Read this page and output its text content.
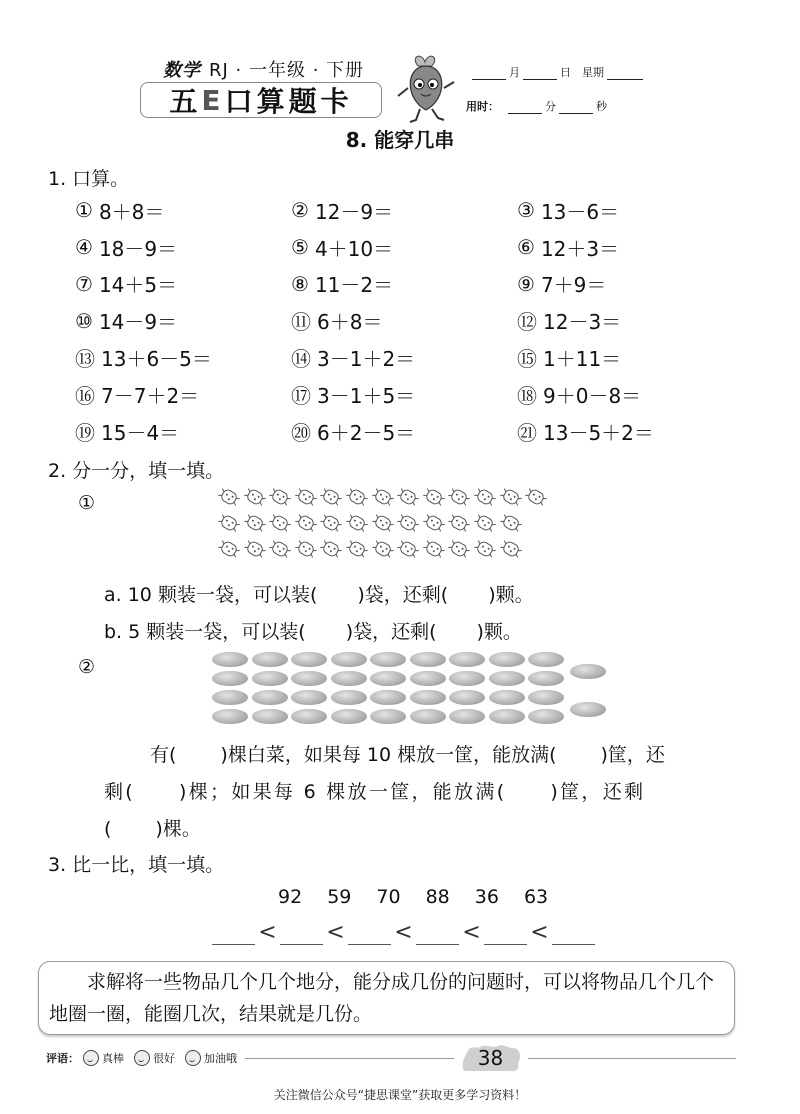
数学 RJ · 一年级 · 下册
五 E 口算题卡
月	日 星期
用时：	分	秒
8. 能穿几串
1. 口算。
① 8＋8＝	② 12－9＝	③ 13－6＝
④ 18－9＝	⑤ 4＋10＝	⑥ 12＋3＝
⑦ 14＋5＝	⑧ 11－2＝	⑨ 7＋9＝
⑩ 14－9＝	⑪ 6＋8＝	⑫ 12－3＝
⑬ 13＋6－5＝	⑭ 3－1＋2＝	⑮ 1＋11＝
⑯ 7－7＋2＝	⑰ 3－1＋5＝	⑱ 9＋0－8＝
⑲ 15－4＝	⑳ 6＋2－5＝	㉑ 13－5＋2＝
2. 分一分，填一填。
①
a. 10 颗装一袋，可以装( )袋，还剩( )颗。
b. 5 颗装一袋，可以装( )袋，还剩( )颗。
②
有( )棵白菜，如果每 10 棵放一筐，能放满( )筐，还
剩( )棵；如果每 6 棵放一筐，能放满( )筐，还剩
( )棵。
3. 比一比，填一填。
92 59 70 88 36 63
< < < < <
求解将一些物品几个几个地分，能分成几份的问题时，可以将物品几个几个地圈一圈，能圈几次，结果就是几份。
评语： 真棒	很好	加油哦	38
关注微信公众号“捷思课堂”获取更多学习资料！
